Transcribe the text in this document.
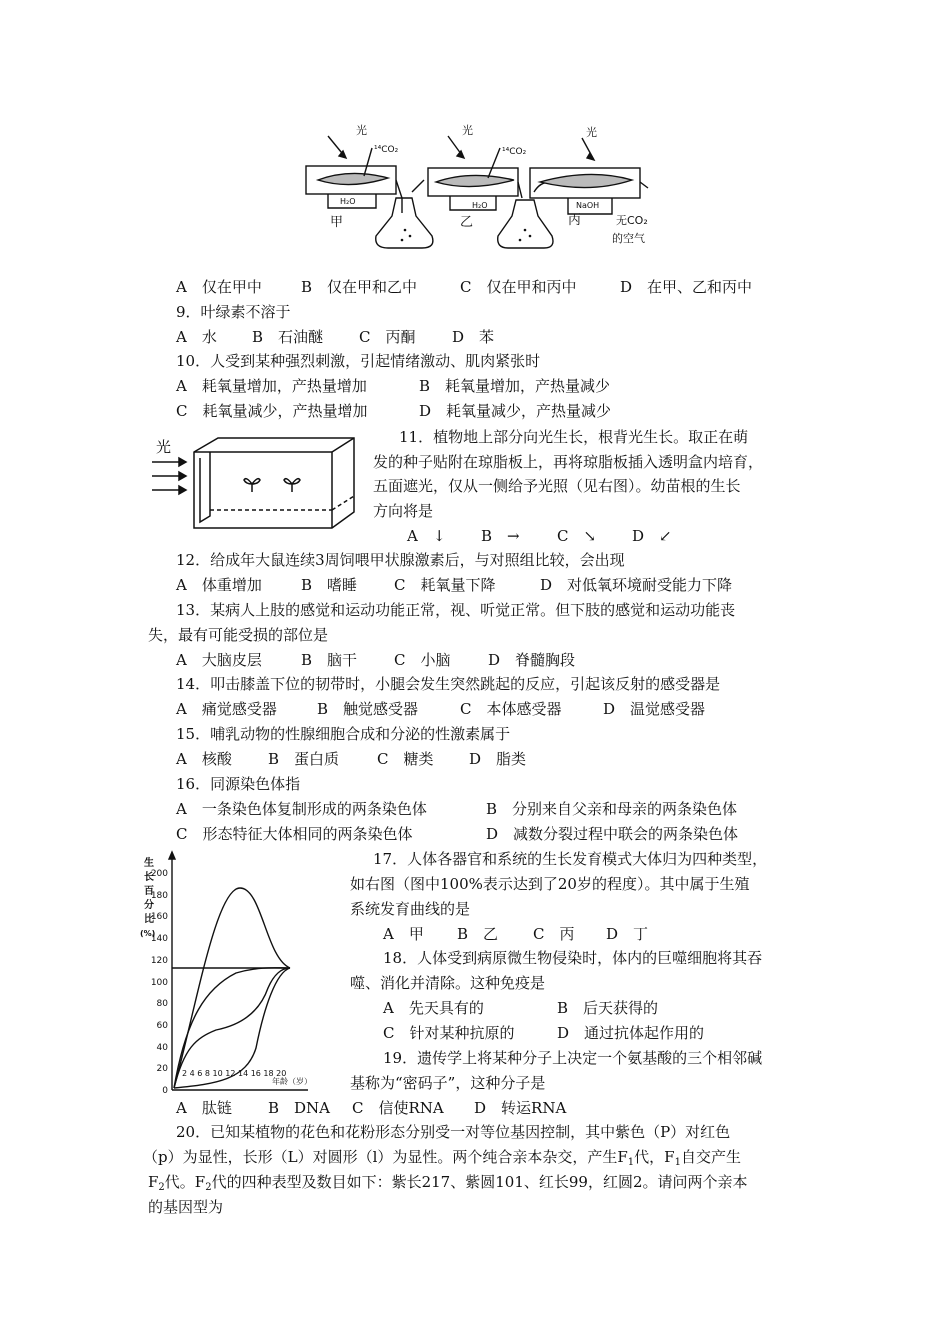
光
¹⁴CO₂
H₂O
甲
光
¹⁴CO₂
H₂O
乙
光
NaOH
丙	无CO₂
的空气
A　仅在甲中	B　仅在甲和乙中	C　仅在甲和丙中	D　在甲、乙和丙中
9．叶绿素不溶于
A　水 B　石油醚 C　丙酮 D　苯
10．人受到某种强烈刺激，引起情绪激动、肌肉紧张时
A　耗氧量增加，产热量增加	B　耗氧量增加，产热量减少
C　耗氧量减少，产热量增加	D　耗氧量减少，产热量减少
光
11．植物地上部分向光生长，根背光生长。取正在萌
发的种子贴附在琼脂板上，再将琼脂板插入透明盒内培育，
五面遮光，仅从一侧给予光照（见右图）。幼苗根的生长
方向将是
A　↓ B　→ C　↘ D　↙
12．给成年大鼠连续3周饲喂甲状腺激素后，与对照组比较，会出现
A　体重增加	B　嗜睡 C　耗氧量下降	D　对低氧环境耐受能力下降
13．某病人上肢的感觉和运动功能正常，视、听觉正常。但下肢的感觉和运动功能丧
失，最有可能受损的部位是
A　大脑皮层	B　脑干 C　小脑	D　脊髓胸段
14．叩击膝盖下位的韧带时，小腿会发生突然跳起的反应，引起该反射的感受器是
A　痛觉感受器	B　触觉感受器	C　本体感受器	D　温觉感受器
15．哺乳动物的性腺细胞合成和分泌的性激素属于
A　核酸 B　蛋白质	C　糖类 D　脂类
16．同源染色体指
A　一条染色体复制形成的两条染色体	B　分别来自父亲和母亲的两条染色体
C　形态特征大体相同的两条染色体	D　减数分裂过程中联会的两条染色体
生
长
百
分
比
(%)
200
180
160
140
120
100
80
60
40
20
0
2 4 6 8 10 12 14 16 18 20
年龄（岁）
17．人体各器官和系统的生长发育模式大体归为四种类型，
如右图（图中100%表示达到了20岁的程度）。其中属于生殖
系统发育曲线的是
A　甲 B　乙 C　丙 D　丁
18．人体受到病原微生物侵染时，体内的巨噬细胞将其吞
噬、消化并清除。这种免疫是
A　先天具有的	B　后天获得的
C　针对某种抗原的	D　通过抗体起作用的
19．遗传学上将某种分子上决定一个氨基酸的三个相邻碱
基称为“密码子”，这种分子是
A　肽链 B　DNA C　信使RNA D　转运RNA
20．已知某植物的花色和花粉形态分别受一对等位基因控制，其中紫色（P）对红色
（p）为显性，长形（L）对圆形（l）为显性。两个纯合亲本杂交，产生$F_1$代，$F_1$自交产生
$F_2$代。$F_2$代的四种表型及数目如下：紫长217、紫圆101、红长99，红圆2。请问两个亲本
的基因型为
